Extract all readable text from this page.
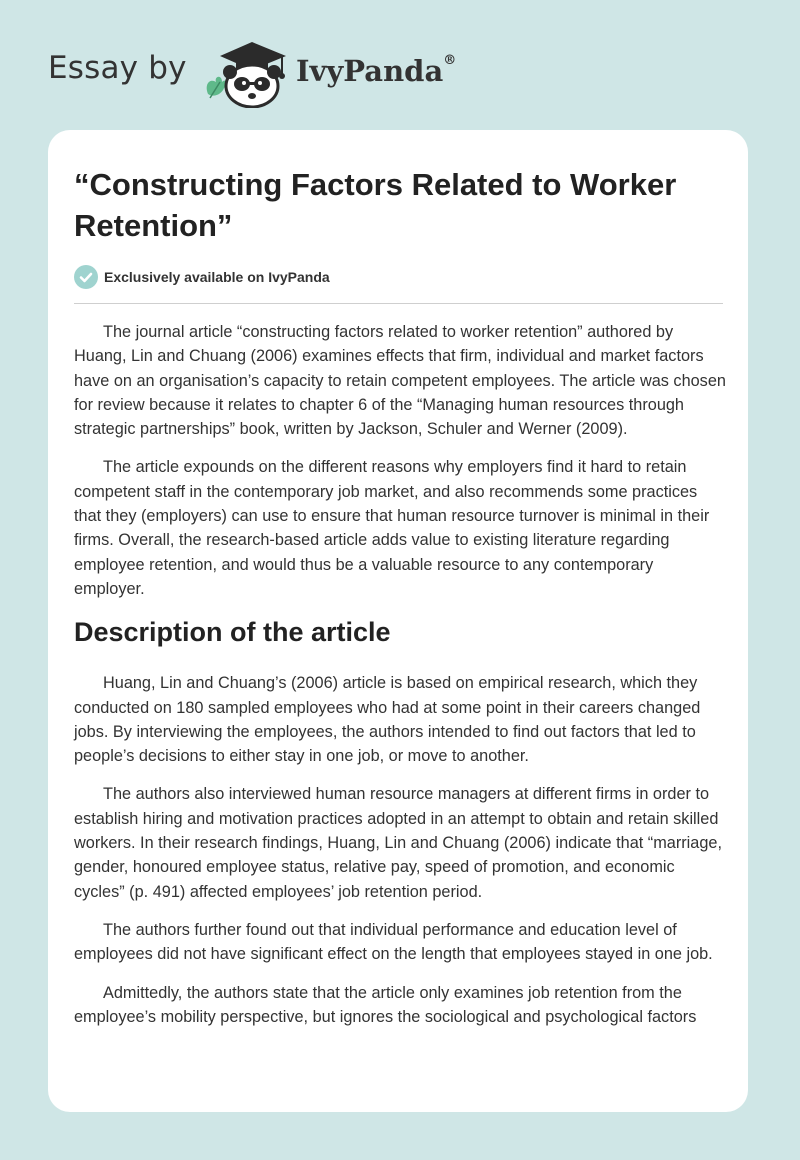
Essay by	IvyPanda®
“Constructing Factors Related to Worker Retention”
Exclusively available on IvyPanda

The journal article “constructing factors related to worker retention” authored by Huang, Lin and Chuang (2006) examines effects that firm, individual and market factors have on an organisation’s capacity to retain competent employees. The article was chosen for review because it relates to chapter 6 of the “Managing human resources through strategic partnerships” book, written by Jackson, Schuler and Werner (2009).

The article expounds on the different reasons why employers find it hard to retain competent staff in the contemporary job market, and also recommends some practices that they (employers) can use to ensure that human resource turnover is minimal in their firms. Overall, the research-based article adds value to existing literature regarding employee retention, and would thus be a valuable resource to any contemporary employer.

Description of the article

Huang, Lin and Chuang’s (2006) article is based on empirical research, which they conducted on 180 sampled employees who had at some point in their careers changed jobs. By interviewing the employees, the authors intended to find out factors that led to people’s decisions to either stay in one job, or move to another.

The authors also interviewed human resource managers at different firms in order to establish hiring and motivation practices adopted in an attempt to obtain and retain skilled workers. In their research findings, Huang, Lin and Chuang (2006) indicate that “marriage, gender, honoured employee status, relative pay, speed of promotion, and economic cycles” (p. 491) affected employees’ job retention period.

The authors further found out that individual performance and education level of employees did not have significant effect on the length that employees stayed in one job.

Admittedly, the authors state that the article only examines job retention from the employee’s mobility perspective, but ignores the sociological and psychological factors
